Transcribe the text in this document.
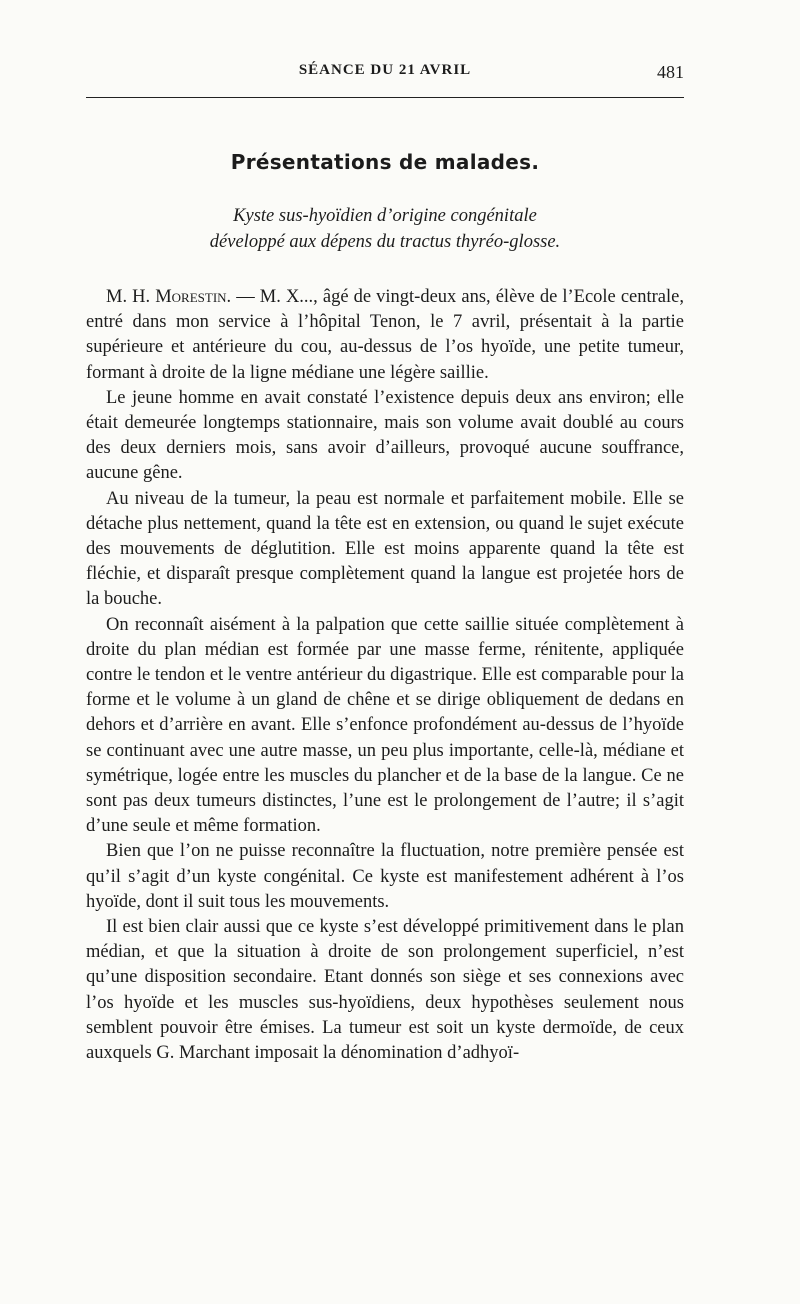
SÉANCE DU 21 AVRIL	481
Présentations de malades.
Kyste sus-hyoïdien d’origine congénitale
développé aux dépens du tractus thyréo-glosse.

M. H. Morestin. — M. X..., âgé de vingt-deux ans, élève de l’Ecole centrale, entré dans mon service à l’hôpital Tenon, le 7 avril, présentait à la partie supérieure et antérieure du cou, au-dessus de l’os hyoïde, une petite tumeur, formant à droite de la ligne médiane une légère saillie.

Le jeune homme en avait constaté l’existence depuis deux ans environ; elle était demeurée longtemps stationnaire, mais son volume avait doublé au cours des deux derniers mois, sans avoir d’ailleurs, provoqué aucune souffrance, aucune gêne.

Au niveau de la tumeur, la peau est normale et parfaitement mobile. Elle se détache plus nettement, quand la tête est en extension, ou quand le sujet exécute des mouvements de déglutition. Elle est moins apparente quand la tête est fléchie, et disparaît presque complètement quand la langue est projetée hors de la bouche.

On reconnaît aisément à la palpation que cette saillie située complètement à droite du plan médian est formée par une masse ferme, rénitente, appliquée contre le tendon et le ventre antérieur du digastrique. Elle est comparable pour la forme et le volume à un gland de chêne et se dirige obliquement de dedans en dehors et d’arrière en avant. Elle s’enfonce profondément au-dessus de l’hyoïde se continuant avec une autre masse, un peu plus importante, celle-là, médiane et symétrique, logée entre les muscles du plancher et de la base de la langue. Ce ne sont pas deux tumeurs distinctes, l’une est le prolongement de l’autre; il s’agit d’une seule et même formation.

Bien que l’on ne puisse reconnaître la fluctuation, notre première pensée est qu’il s’agit d’un kyste congénital. Ce kyste est manifestement adhérent à l’os hyoïde, dont il suit tous les mouvements.

Il est bien clair aussi que ce kyste s’est développé primitivement dans le plan médian, et que la situation à droite de son prolongement superficiel, n’est qu’une disposition secondaire. Etant donnés son siège et ses connexions avec l’os hyoïde et les muscles sus-hyoïdiens, deux hypothèses seulement nous semblent pouvoir être émises. La tumeur est soit un kyste dermoïde, de ceux auxquels G. Marchant imposait la dénomination d’adhyoï-
